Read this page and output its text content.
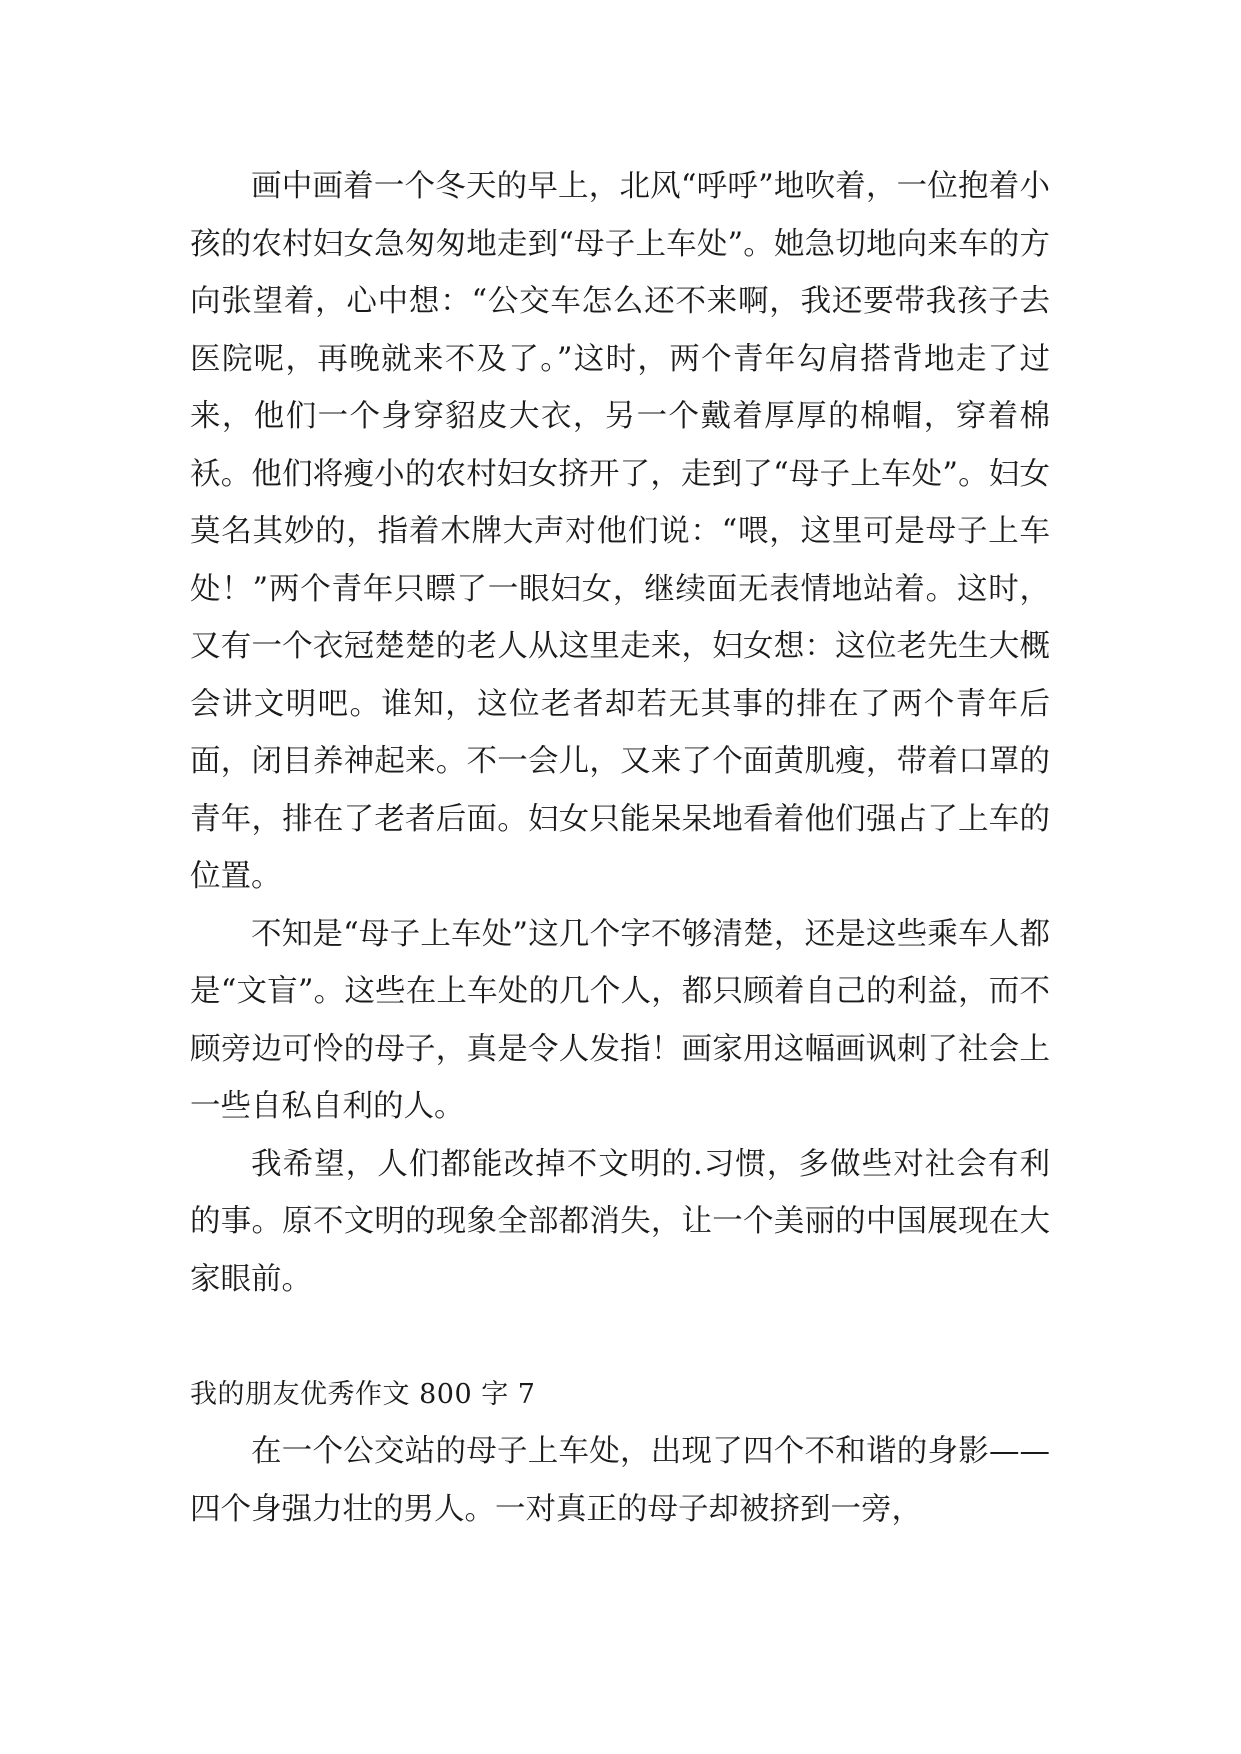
画中画着一个冬天的早上，北风“呼呼”地吹着，一位抱着小孩的农村妇女急匆匆地走到“母子上车处”。她急切地向来车的方向张望着，心中想：“公交车怎么还不来啊，我还要带我孩子去医院呢，再晚就来不及了。”这时，两个青年勾肩搭背地走了过来，他们一个身穿貂皮大衣，另一个戴着厚厚的棉帽，穿着棉袄。他们将瘦小的农村妇女挤开了，走到了“母子上车处”。妇女莫名其妙的，指着木牌大声对他们说：“喂，这里可是母子上车处！”两个青年只瞟了一眼妇女，继续面无表情地站着。这时，又有一个衣冠楚楚的老人从这里走来，妇女想：这位老先生大概会讲文明吧。谁知，这位老者却若无其事的排在了两个青年后面，闭目养神起来。不一会儿，又来了个面黄肌瘦，带着口罩的青年，排在了老者后面。妇女只能呆呆地看着他们强占了上车的位置。

不知是“母子上车处”这几个字不够清楚，还是这些乘车人都是“文盲”。这些在上车处的几个人，都只顾着自己的利益，而不顾旁边可怜的母子，真是令人发指！画家用这幅画讽刺了社会上一些自私自利的人。

我希望，人们都能改掉不文明的.习惯，多做些对社会有利的事。原不文明的现象全部都消失，让一个美丽的中国展现在大家眼前。

我的朋友优秀作文 800 字 7

在一个公交站的母子上车处，出现了四个不和谐的身影——四个身强力壮的男人。一对真正的母子却被挤到一旁，
